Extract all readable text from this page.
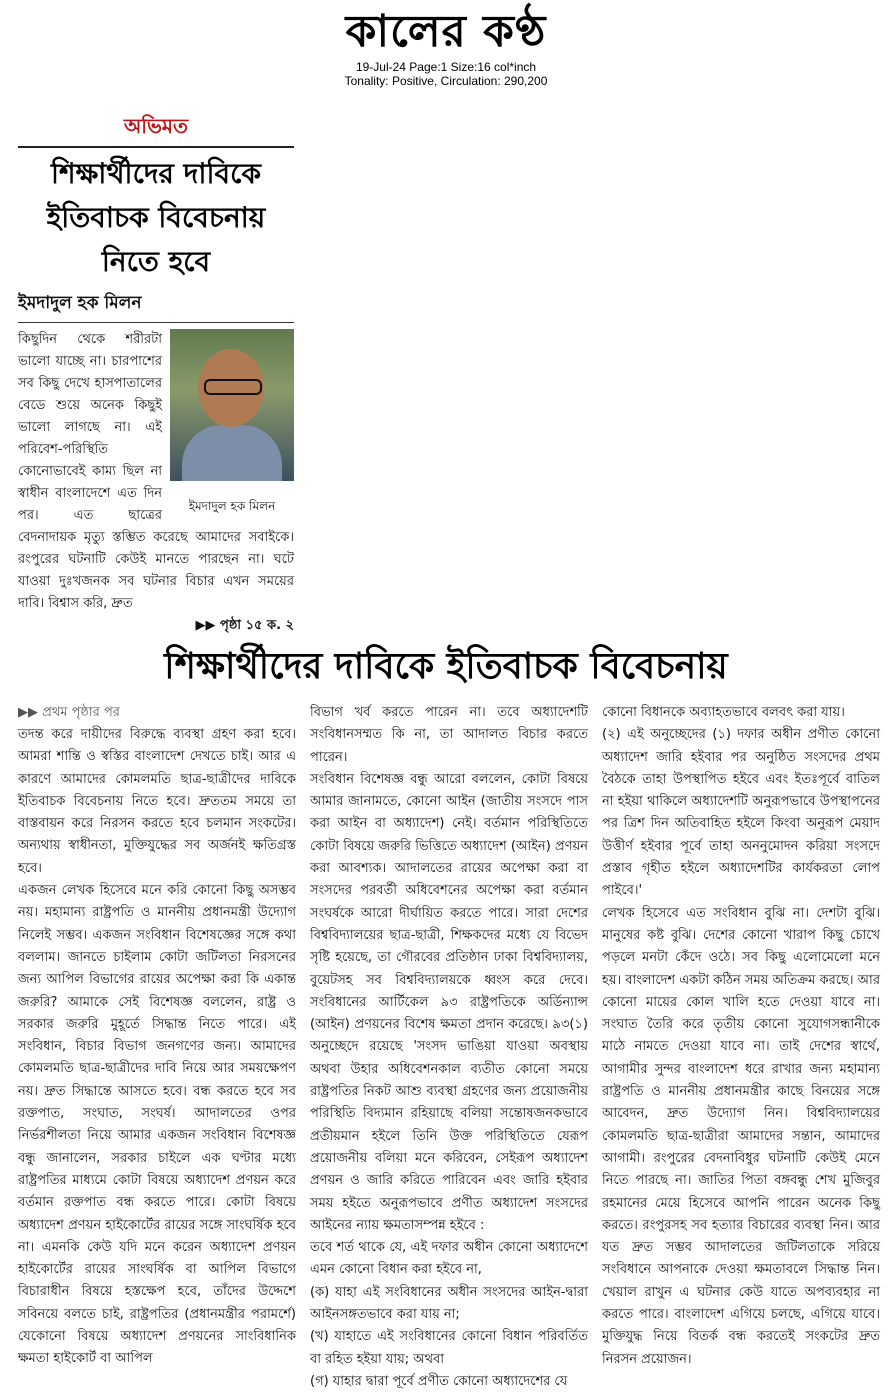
কালের কণ্ঠ
19-Jul-24 Page:1 Size:16 col*inch
Tonality: Positive, Circulation: 290,200
অভিমত
শিক্ষার্থীদের দাবিকে
ইতিবাচক বিবেচনায়
নিতে হবে
ইমদাদুল হক মিলন
ইমদাদুল হক মিলন
কিছুদিন থেকে শরীরটা ভালো যাচ্ছে না। চারপাশের সব কিছু দেখে হাসপাতালের বেডে শুয়ে অনেক কিছুই ভালো লাগছে না। এই পরিবেশ-পরিস্থিতি কোনোভাবেই কাম্য ছিল না স্বাধীন বাংলাদেশে এত দিন পর। এত ছাত্রের বেদনাদায়ক মৃত্যু স্তম্ভিত করেছে আমাদের সবাইকে। রংপুরের ঘটনাটি কেউই মানতে পারছেন না। ঘটে যাওয়া দুঃখজনক সব ঘটনার বিচার এখন সময়ের দাবি। বিশ্বাস করি, দ্রুত
▶▶ পৃষ্ঠা ১৫ ক. ২
শিক্ষার্থীদের দাবিকে ইতিবাচক বিবেচনায়
▶▶ প্রথম পৃষ্ঠার পর

তদন্ত করে দায়ীদের বিরুদ্ধে ব্যবস্থা গ্রহণ করা হবে। আমরা শান্তি ও স্বস্তির বাংলাদেশ দেখতে চাই। আর এ কারণে আমাদের কোমলমতি ছাত্র-ছাত্রীদের দাবিকে ইতিবাচক বিবেচনায় নিতে হবে। দ্রুততম সময়ে তা বাস্তবায়ন করে নিরসন করতে হবে চলমান সংকটের। অন্যথায় স্বাধীনতা, মুক্তিযুদ্ধের সব অর্জনই ক্ষতিগ্রস্ত হবে।

একজন লেখক হিসেবে মনে করি কোনো কিছু অসম্ভব নয়। মহামান্য রাষ্ট্রপতি ও মাননীয় প্রধানমন্ত্রী উদ্যোগ নিলেই সম্ভব। একজন সংবিধান বিশেষজ্ঞের সঙ্গে কথা বললাম। জানতে চাইলাম কোটা জটিলতা নিরসনের জন্য আপিল বিভাগের রায়ের অপেক্ষা করা কি একান্ত জরুরি? আমাকে সেই বিশেষজ্ঞ বললেন, রাষ্ট্র ও সরকার জরুরি মুহূর্তে সিদ্ধান্ত নিতে পারে। এই সংবিধান, বিচার বিভাগ জনগণের জন্য। আমাদের কোমলমতি ছাত্র-ছাত্রীদের দাবি নিয়ে আর সময়ক্ষেপণ নয়। দ্রুত সিদ্ধান্তে আসতে হবে। বন্ধ করতে হবে সব রক্তপাত, সংঘাত, সংঘর্ষ। আদালতের ওপর নির্ভরশীলতা নিয়ে আমার একজন সংবিধান বিশেষজ্ঞ বন্ধু জানালেন, সরকার চাইলে এক ঘণ্টার মধ্যে রাষ্ট্রপতির মাধ্যমে কোটা বিষয়ে অধ্যাদেশ প্রণয়ন করে বর্তমান রক্তপাত বন্ধ করতে পারে। কোটা বিষয়ে অধ্যাদেশ প্রণয়ন হাইকোর্টের রায়ের সঙ্গে সাংঘর্ষিক হবে না। এমনকি কেউ যদি মনে করেন অধ্যাদেশ প্রণয়ন হাইকোর্টের রায়ের সাংঘর্ষিক বা আপিল বিভাগে বিচারাধীন বিষয়ে হস্তক্ষেপ হবে, তাঁদের উদ্দেশে সবিনয়ে বলতে চাই, রাষ্ট্রপতির (প্রধানমন্ত্রীর পরামর্শে) যেকোনো বিষয়ে অধ্যাদেশ প্রণয়নের সাংবিধানিক ক্ষমতা হাইকোর্ট বা আপিল

বিভাগ খর্ব করতে পারেন না। তবে অধ্যাদেশটি সংবিধানসম্মত কি না, তা আদালত বিচার করতে পারেন।

সংবিধান বিশেষজ্ঞ বন্ধু আরো বললেন, কোটা বিষয়ে আমার জানামতে, কোনো আইন (জাতীয় সংসদে পাস করা আইন বা অধ্যাদেশ) নেই। বর্তমান পরিস্থিতিতে কোটা বিষয়ে জরুরি ভিত্তিতে অধ্যাদেশ (আইন) প্রণয়ন করা আবশ্যক। আদালতের রায়ের অপেক্ষা করা বা সংসদের পরবর্তী অধিবেশনের অপেক্ষা করা বর্তমান সংঘর্ষকে আরো দীর্ঘায়িত করতে পারে। সারা দেশের বিশ্ববিদ্যালয়ের ছাত্র-ছাত্রী, শিক্ষকদের মধ্যে যে বিভেদ সৃষ্টি হয়েছে, তা গৌরবের প্রতিষ্ঠান ঢাকা বিশ্ববিদ্যালয়, বুয়েটসহ সব বিশ্ববিদ্যালয়কে ধ্বংস করে দেবে। সংবিধানের আর্টিকেল ৯৩ রাষ্ট্রপতিকে অর্ডিন্যান্স (আইন) প্রণয়নের বিশেষ ক্ষমতা প্রদান করেছে। ৯৩(১) অনুচ্ছেদে রয়েছে 'সংসদ ভাঙিয়া যাওয়া অবস্থায় অথবা উহার অধিবেশনকাল ব্যতীত কোনো সময়ে রাষ্ট্রপতির নিকট আশু ব্যবস্থা গ্রহণের জন্য প্রয়োজনীয় পরিস্থিতি বিদ্যমান রহিয়াছে বলিয়া সন্তোষজনকভাবে প্রতীয়মান হইলে তিনি উক্ত পরিস্থিতিতে যেরূপ প্রয়োজনীয় বলিয়া মনে করিবেন, সেইরূপ অধ্যাদেশ প্রণয়ন ও জারি করিতে পারিবেন এবং জারি হইবার সময় হইতে অনুরূপভাবে প্রণীত অধ্যাদেশ সংসদের আইনের ন্যায় ক্ষমতাসম্পন্ন হইবে :

তবে শর্ত থাকে যে, এই দফার অধীন কোনো অধ্যাদেশে এমন কোনো বিধান করা হইবে না,

(ক) যাহা এই সংবিধানের অধীন সংসদের আইন-দ্বারা আইনসঙ্গতভাবে করা যায় না;

(খ) যাহাতে এই সংবিধানের কোনো বিধান পরিবর্তিত বা রহিত হইয়া যায়; অথবা

(গ) যাহার দ্বারা পূর্বে প্রণীত কোনো অধ্যাদেশের যে

কোনো বিধানকে অব্যাহতভাবে বলবৎ করা যায়।

(২) এই অনুচ্ছেদের (১) দফার অধীন প্রণীত কোনো অধ্যাদেশ জারি হইবার পর অনুষ্ঠিত সংসদের প্রথম বৈঠকে তাহা উপস্থাপিত হইবে এবং ইতঃপূর্বে বাতিল না হইয়া থাকিলে অধ্যাদেশটি অনুরূপভাবে উপস্থাপনের পর ত্রিশ দিন অতিবাহিত হইলে কিংবা অনুরূপ মেয়াদ উত্তীর্ণ হইবার পূর্বে তাহা অননুমোদন করিয়া সংসদে প্রস্তাব গৃহীত হইলে অধ্যাদেশটির কার্যকরতা লোপ পাইবে।'

লেখক হিসেবে এত সংবিধান বুঝি না। দেশটা বুঝি। মানুষের কষ্ট বুঝি। দেশের কোনো খারাপ কিছু চোখে পড়লে মনটা কেঁদে ওঠে। সব কিছু এলোমেলো মনে হয়। বাংলাদেশ একটা কঠিন সময় অতিক্রম করছে। আর কোনো মায়ের কোল খালি হতে দেওয়া যাবে না। সংঘাত তৈরি করে তৃতীয় কোনো সুযোগসন্ধানীকে মাঠে নামতে দেওয়া যাবে না। তাই দেশের স্বার্থে, আগামীর সুন্দর বাংলাদেশ ধরে রাখার জন্য মহামান্য রাষ্ট্রপতি ও মাননীয় প্রধানমন্ত্রীর কাছে বিনয়ের সঙ্গে আবেদন, দ্রুত উদ্যোগ নিন। বিশ্ববিদ্যালয়ের কোমলমতি ছাত্র-ছাত্রীরা আমাদের সন্তান, আমাদের আগামী। রংপুরের বেদনাবিধুর ঘটনাটি কেউই মেনে নিতে পারছে না। জাতির পিতা বঙ্গবন্ধু শেখ মুজিবুর রহমানের মেয়ে হিসেবে আপনি পারেন অনেক কিছু করতে। রংপুরসহ সব হত্যার বিচারের ব্যবস্থা নিন। আর যত দ্রুত সম্ভব আদালতের জটিলতাকে সরিয়ে সংবিধানে আপনাকে দেওয়া ক্ষমতাবলে সিদ্ধান্ত নিন। খেয়াল রাখুন এ ঘটনার কেউ যাতে অপব্যবহার না করতে পারে। বাংলাদেশ এগিয়ে চলছে, এগিয়ে যাবে। মুক্তিযুদ্ধ নিয়ে বিতর্ক বন্ধ করতেই সংকটের দ্রুত নিরসন প্রয়োজন।
